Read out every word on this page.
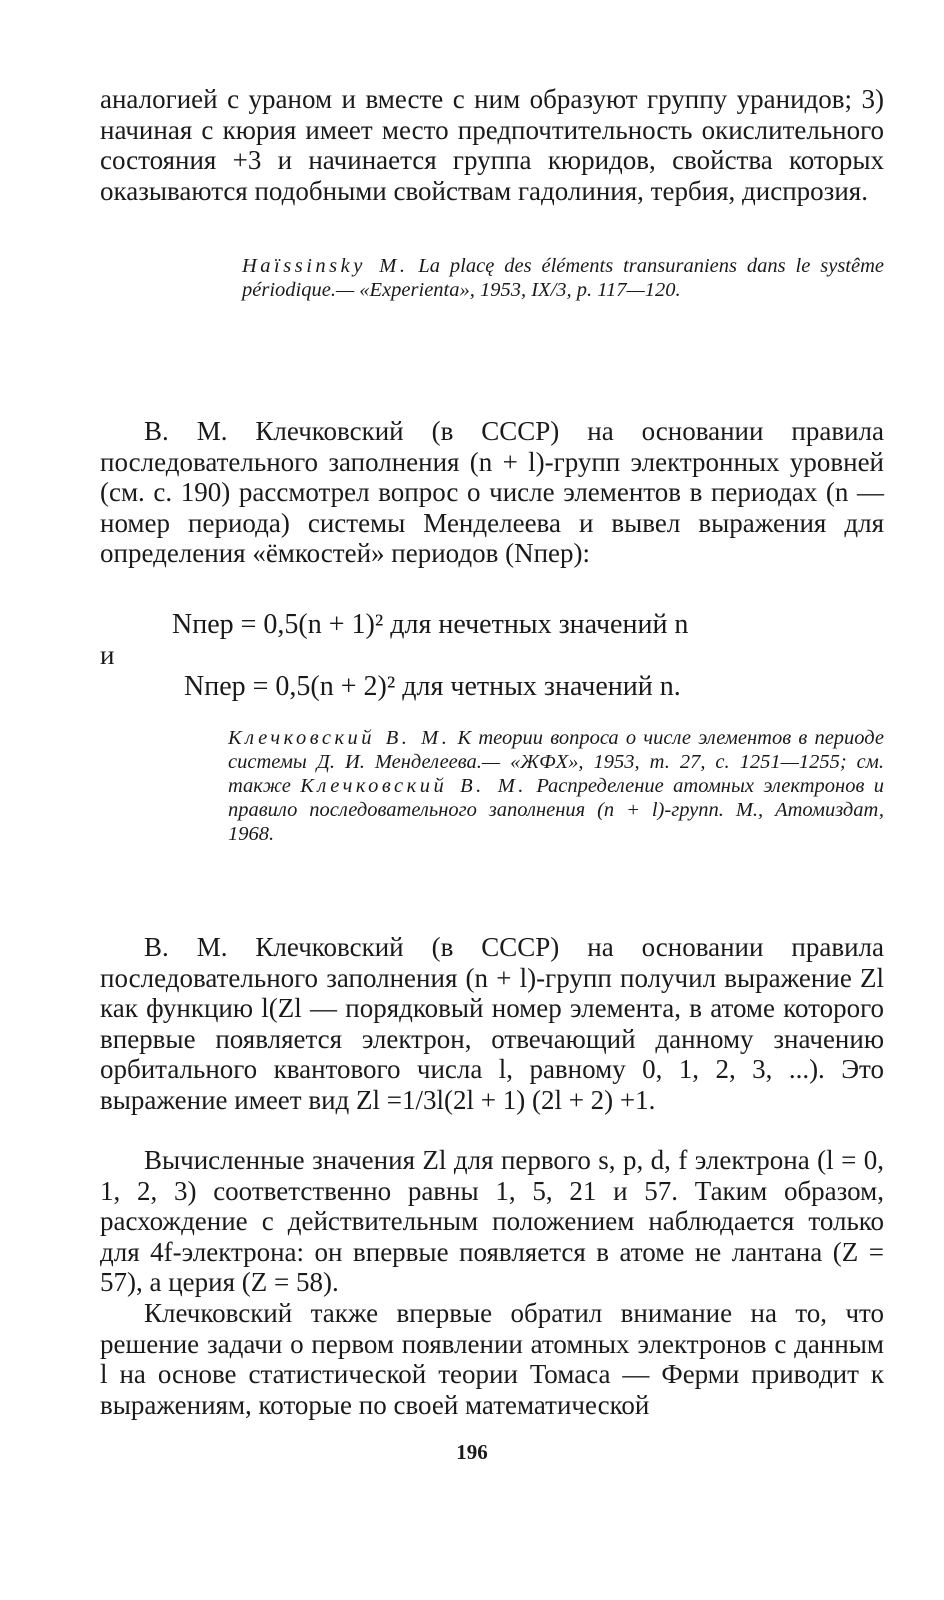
аналогией с ураном и вместе с ним образуют группу уранидов; 3) начиная с кюрия имеет место предпочтительность окислительного состояния +3 и начинается группа кюридов, свойства которых оказываются подобными свойствам гадолиния, тербия, диспрозия.

Haïssinsky M. La placę des éléments transuraniens dans le systême périodique.— «Experienta», 1953, IX/3, p. 117—120.

В. М. Клечковский (в СССР) на основании правила последовательного заполнения (n + l)-групп электронных уровней (см. с. 190) рассмотрел вопрос о числе элементов в периодах (n — номер периода) системы Менделеева и вывел выражения для определения «ёмкостей» периодов (Nпер):

Nпер = 0,5(n + 1)² для нечетных значений n
и
Nпер = 0,5(n + 2)² для четных значений n.

Клечковский В. М. К теории вопроса о числе элементов в периоде системы Д. И. Менделеева.— «ЖФХ», 1953, т. 27, с. 1251—1255; см. также Клечковский В. М. Распределение атомных электронов и правило последовательного заполнения (n + l)-групп. М., Атомиздат, 1968.

В. М. Клечковский (в СССР) на основании правила последовательного заполнения (n + l)-групп получил выражение Zl как функцию l(Zl — порядковый номер элемента, в атоме которого впервые появляется электрон, отвечающий данному значению орбитального квантового числа l, равному 0, 1, 2, 3, ...). Это выражение имеет вид Zl =1/3l(2l + 1) (2l + 2) +1.

Вычисленные значения Zl для первого s, p, d, f электрона (l = 0, 1, 2, 3) соответственно равны 1, 5, 21 и 57. Таким образом, расхождение с действительным положением наблюдается только для 4f-электрона: он впервые появляется в атоме не лантана (Z = 57), а церия (Z = 58).

Клечковский также впервые обратил внимание на то, что решение задачи о первом появлении атомных электронов с данным l на основе статистической теории Томаса — Ферми приводит к выражениям, которые по своей математической

196
